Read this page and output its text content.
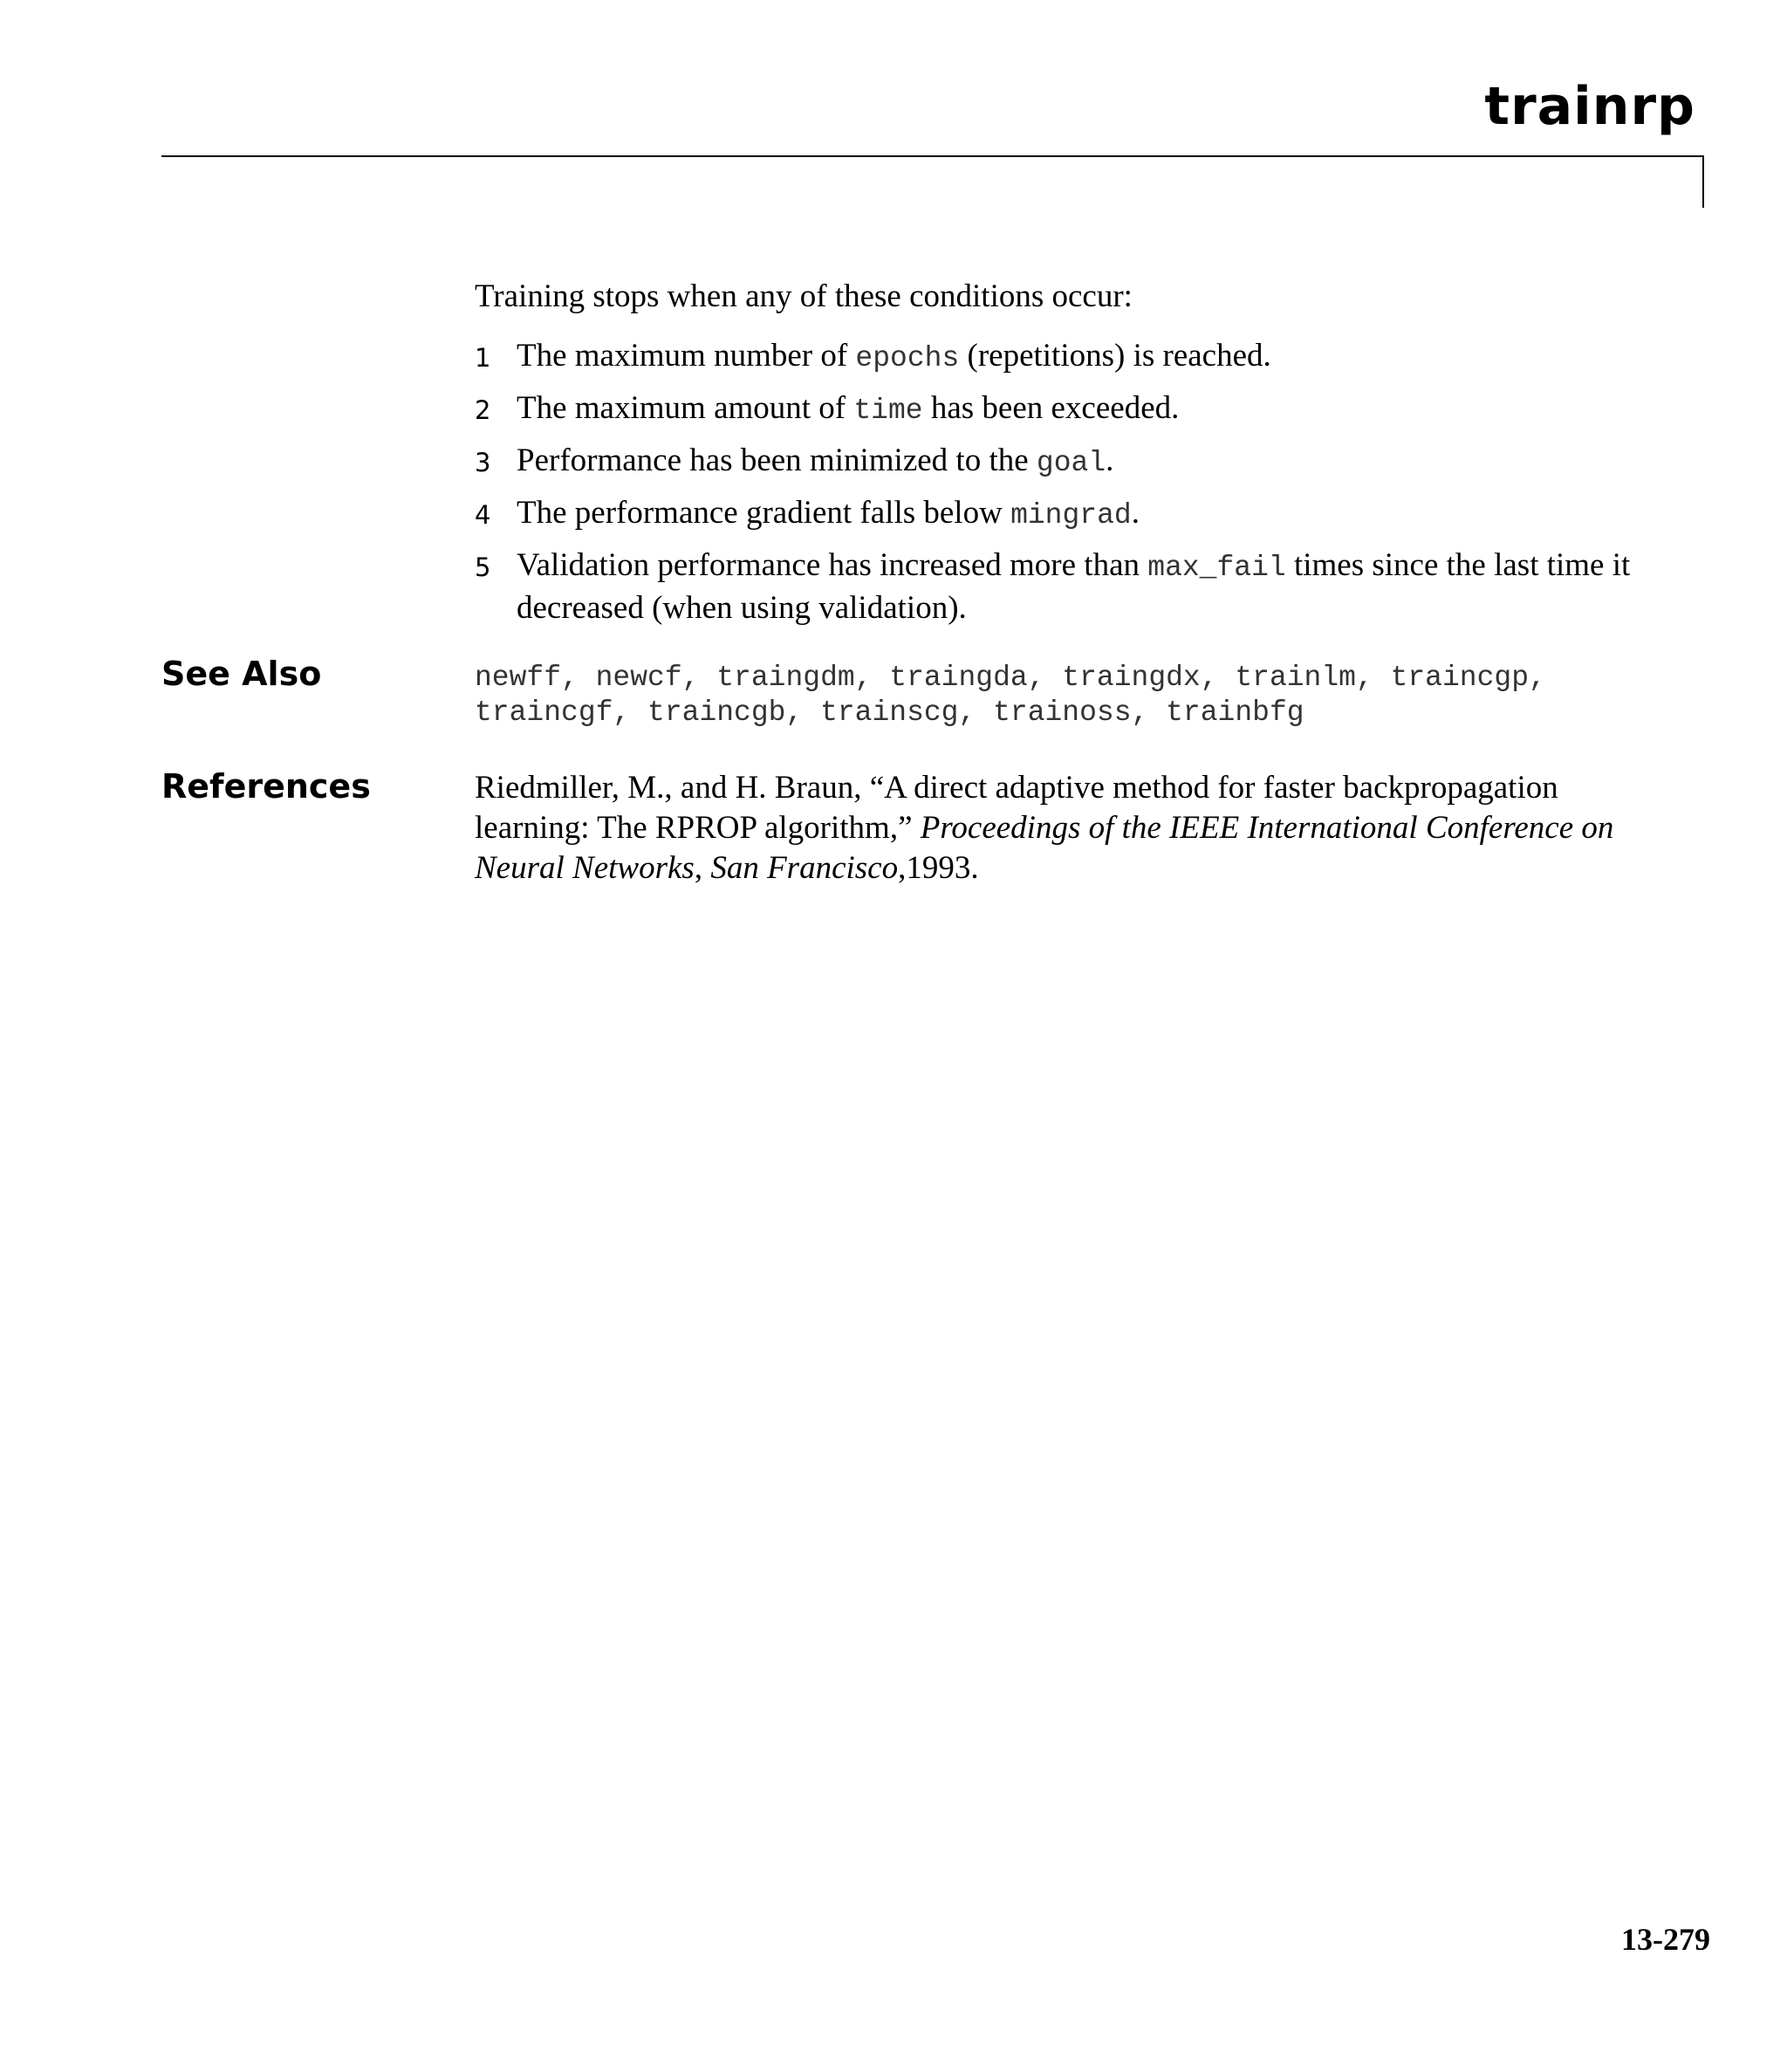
trainrp
Training stops when any of these conditions occur:
1 The maximum number of epochs (repetitions) is reached.
2 The maximum amount of time has been exceeded.
3 Performance has been minimized to the goal.
4 The performance gradient falls below mingrad.
5 Validation performance has increased more than max_fail times since the last time it decreased (when using validation).
See Also	newff, newcf, traingdm, traingda, traingdx, trainlm, traincgp,
traincgf, traincgb, trainscg, trainoss, trainbfg
References	Riedmiller, M., and H. Braun, “A direct adaptive method for faster backpropagation learning: The RPROP algorithm,” Proceedings of the IEEE International Conference on Neural Networks, San Francisco,1993.
13-279
